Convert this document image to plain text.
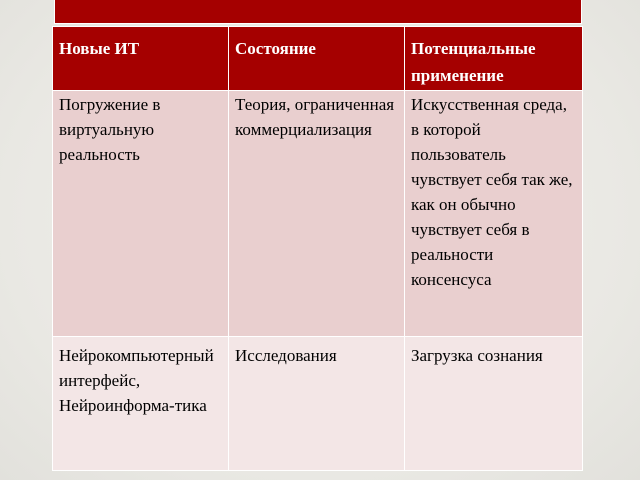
Новые ИТ	Состояние	Потенциальные применение
Погружение в виртуальную реальность	Теория, ограниченная коммерциализация	Искусственная среда, в которой пользователь чувствует себя так же, как он обычно чувствует себя в реальности консенсуса
Нейрокомпьютерный интерфейс, Нейроинформа-тика	Исследования	Загрузка сознания
